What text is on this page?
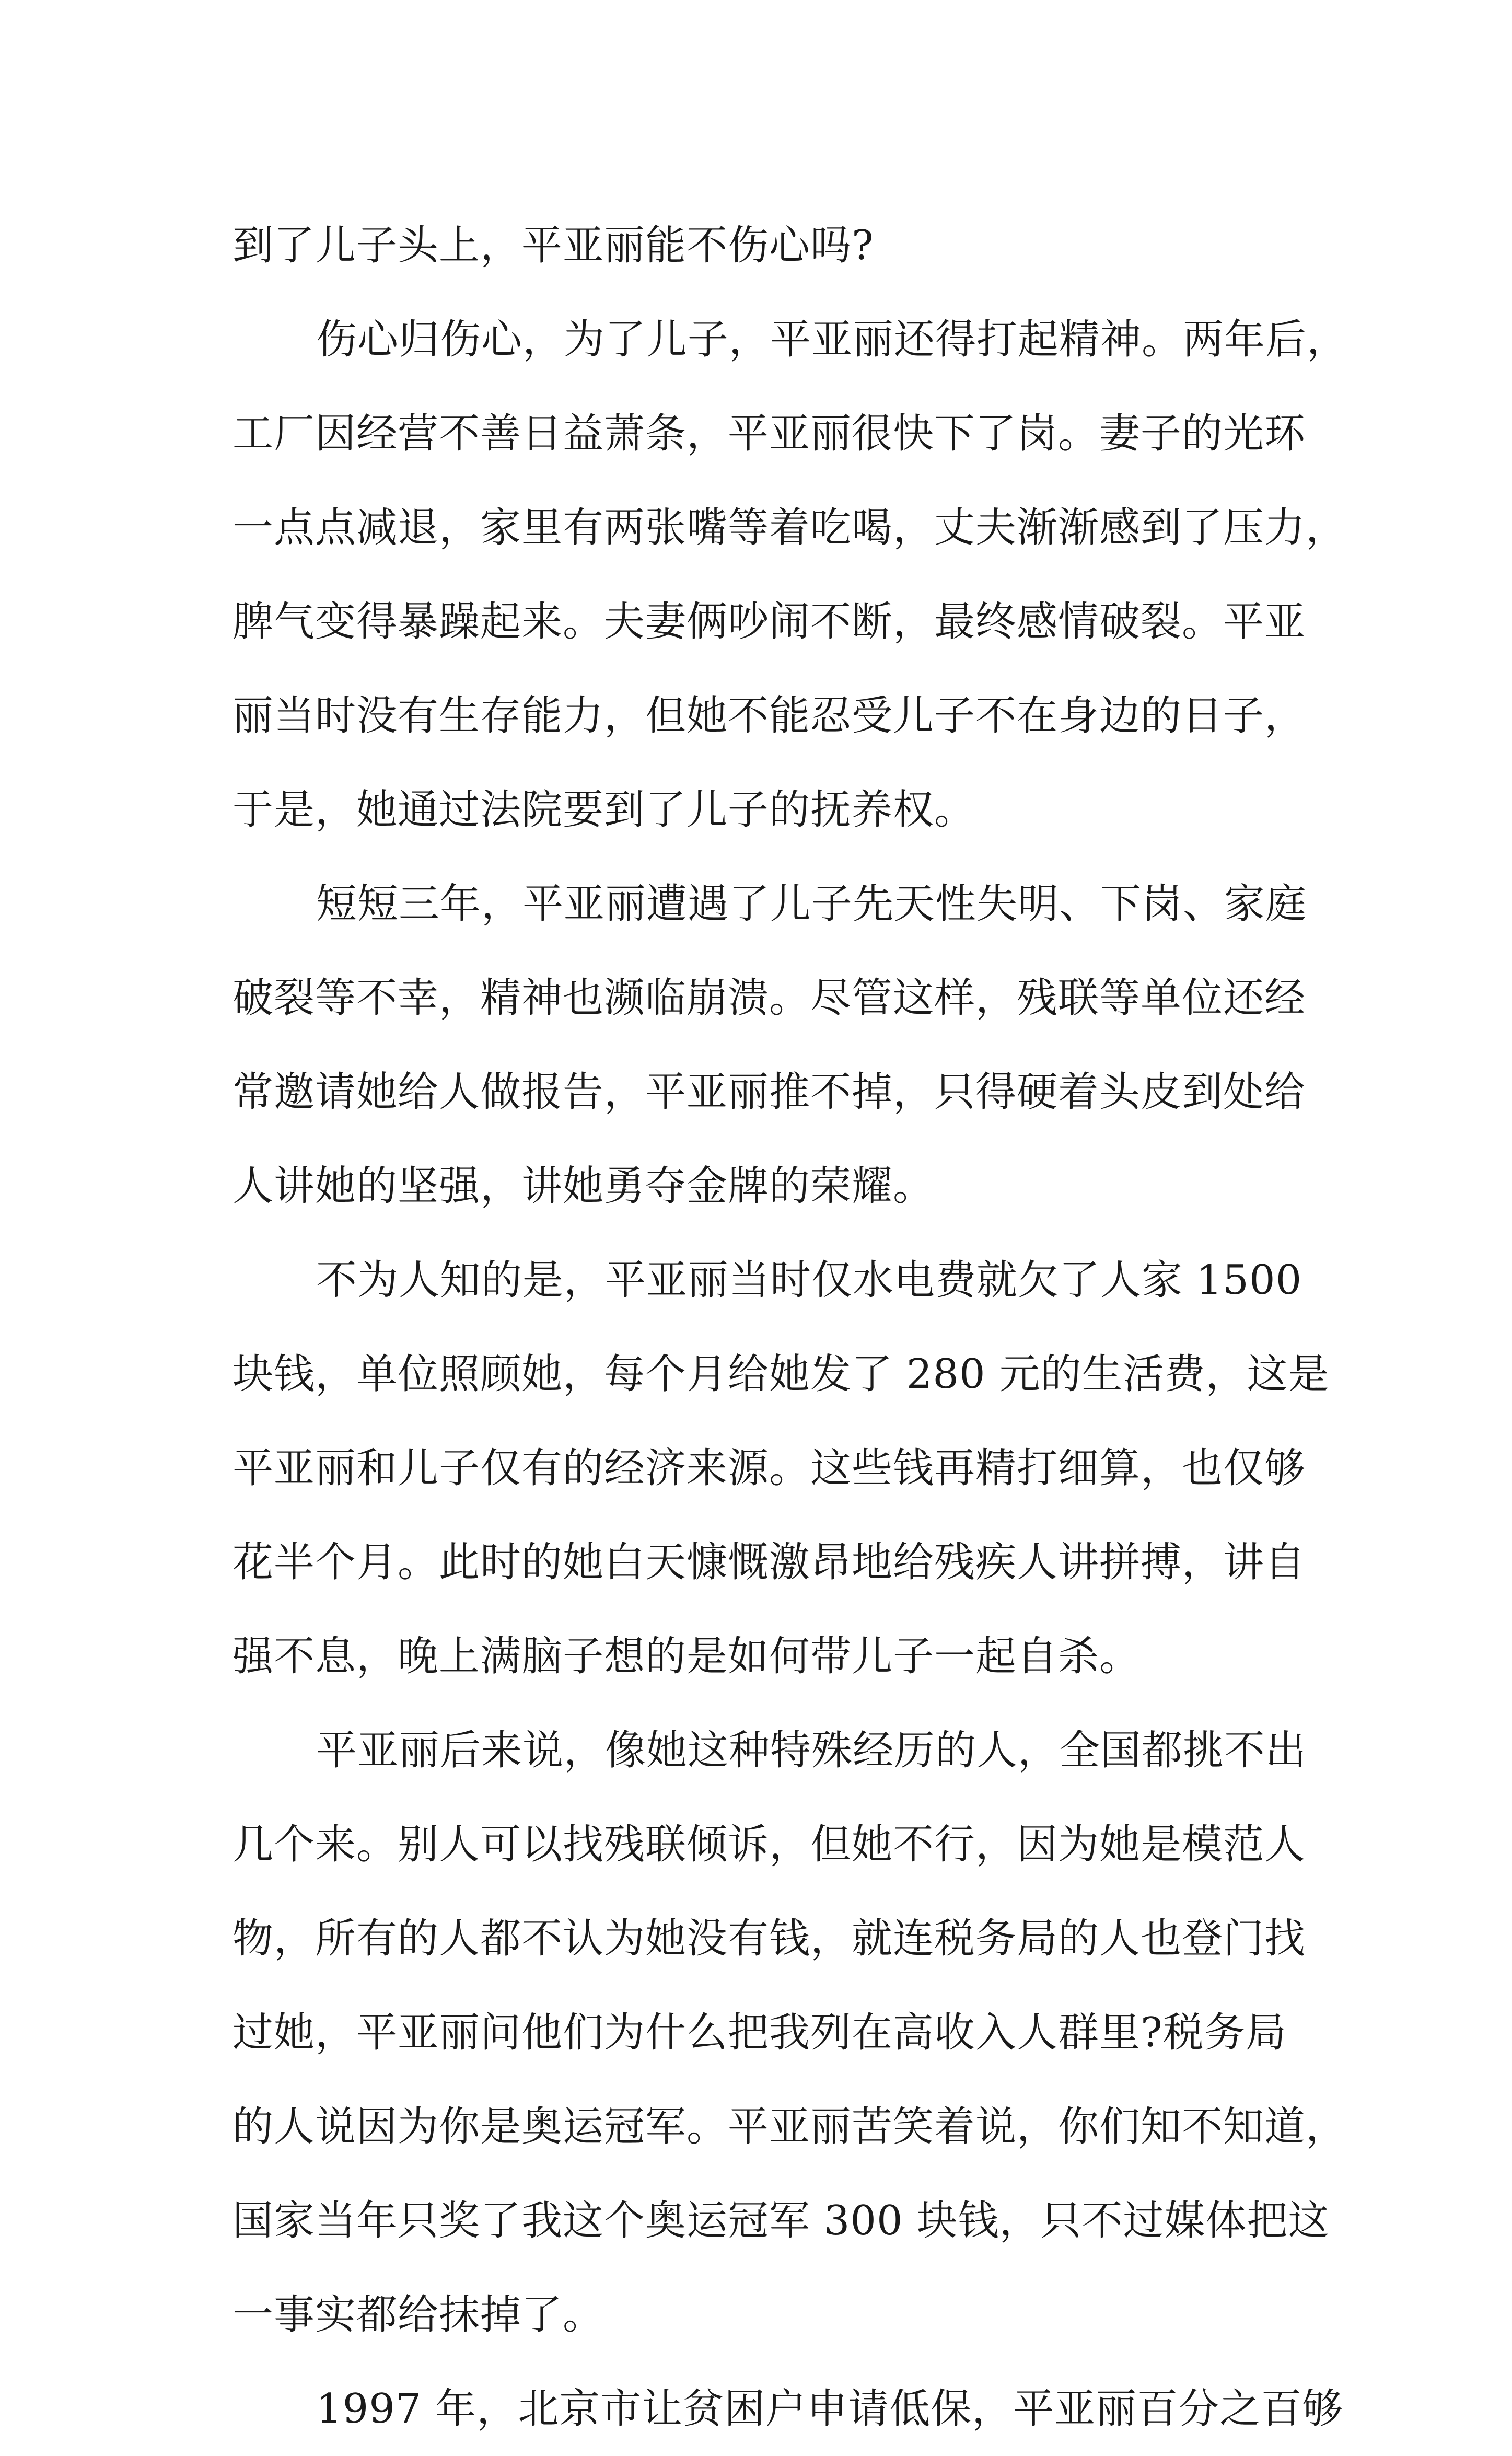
到了儿子头上，平亚丽能不伤心吗?
伤心归伤心，为了儿子，平亚丽还得打起精神。两年后，
工厂因经营不善日益萧条，平亚丽很快下了岗。妻子的光环
一点点减退，家里有两张嘴等着吃喝，丈夫渐渐感到了压力，
脾气变得暴躁起来。夫妻俩吵闹不断，最终感情破裂。平亚
丽当时没有生存能力，但她不能忍受儿子不在身边的日子，
于是，她通过法院要到了儿子的抚养权。
短短三年，平亚丽遭遇了儿子先天性失明、下岗、家庭
破裂等不幸，精神也濒临崩溃。尽管这样，残联等单位还经
常邀请她给人做报告，平亚丽推不掉，只得硬着头皮到处给
人讲她的坚强，讲她勇夺金牌的荣耀。
不为人知的是，平亚丽当时仅水电费就欠了人家 1500
块钱，单位照顾她，每个月给她发了 280 元的生活费，这是
平亚丽和儿子仅有的经济来源。这些钱再精打细算，也仅够
花半个月。此时的她白天慷慨激昂地给残疾人讲拼搏，讲自
强不息，晚上满脑子想的是如何带儿子一起自杀。
平亚丽后来说，像她这种特殊经历的人，全国都挑不出
几个来。别人可以找残联倾诉，但她不行，因为她是模范人
物，所有的人都不认为她没有钱，就连税务局的人也登门找
过她，平亚丽问他们为什么把我列在高收入人群里?税务局
的人说因为你是奥运冠军。平亚丽苦笑着说，你们知不知道，
国家当年只奖了我这个奥运冠军 300 块钱，只不过媒体把这
一事实都给抹掉了。
1997 年，北京市让贫困户申请低保，平亚丽百分之百够
